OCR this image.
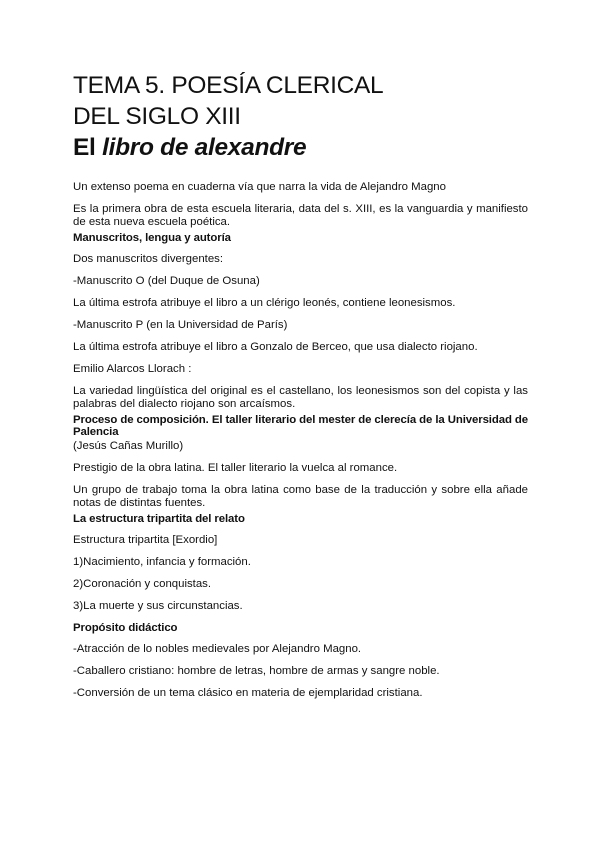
TEMA 5. POESÍA CLERICAL
DEL SIGLO XIII
El libro de alexandre
Un extenso poema en cuaderna vía que narra la vida de Alejandro Magno
Es la primera obra de esta escuela literaria, data del s. XIII, es la vanguardia y manifiesto de esta nueva escuela poética.
Manuscritos, lengua y autoría
Dos manuscritos divergentes:
-Manuscrito O (del Duque de Osuna)
La última estrofa atribuye el libro a un clérigo leonés, contiene leonesismos.
-Manuscrito P (en la Universidad de París)
La última estrofa atribuye el libro a Gonzalo de Berceo, que usa dialecto riojano.
Emilio Alarcos Llorach :
La variedad lingüística del original es el castellano, los leonesismos son del copista y las palabras del dialecto riojano son arcaísmos.
Proceso de composición. El taller literario del mester de clerecía de la Universidad de Palencia
(Jesús Cañas Murillo)
Prestigio de la obra latina. El taller literario la vuelca al romance.
Un grupo de trabajo toma la obra latina como base de la traducción y sobre ella añade notas de distintas fuentes.
La estructura tripartita del relato
Estructura tripartita [Exordio]
1)Nacimiento, infancia y formación.
2)Coronación y conquistas.
3)La muerte y sus circunstancias.
Propósito didáctico
-Atracción de lo nobles medievales por Alejandro Magno.
-Caballero cristiano: hombre de letras, hombre de armas y sangre noble.
-Conversión de un tema clásico en materia de ejemplaridad cristiana.
